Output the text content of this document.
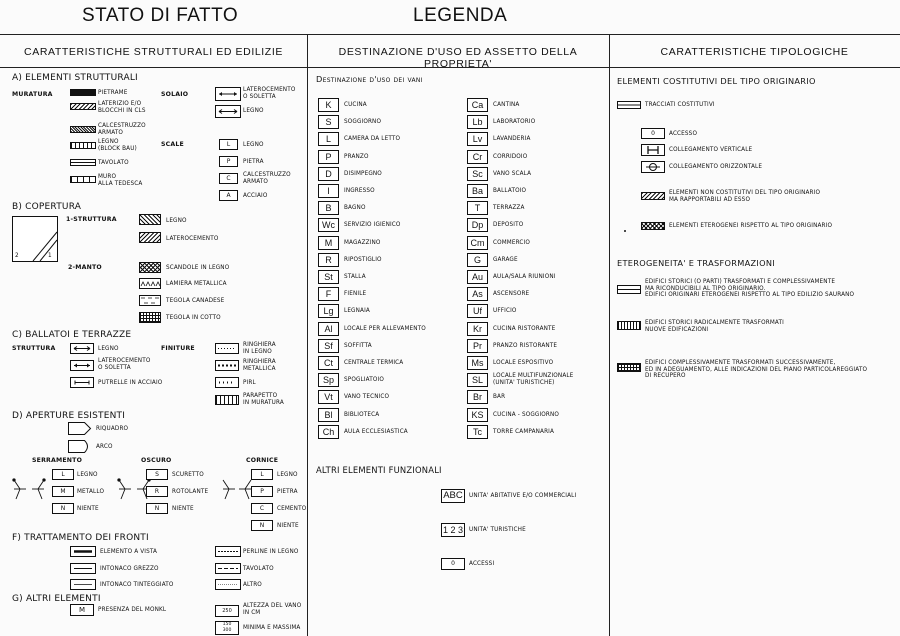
STATO DI FATTO	LEGENDA
CARATTERISTICHE STRUTTURALI ED EDILIZIE	DESTINAZIONE D'USO ED ASSETTO DELLA PROPRIETA'
CARATTERISTICHE TIPOLOGICHE
A) ELEMENTI STRUTTURALI
MURATURA	SOLAIO
SCALE
PIETRAME
LATERIZIO E/O
BLOCCHI IN CLS
CALCESTRUZZO
ARMATO
LEGNO
(BLOCK BAU)
TAVOLATO
MURO
ALLA TEDESCA
LATEROCEMENTO
O SOLETTA
LEGNO
L	LEGNO
P	PIETRA
C	CALCESTRUZZO
ARMATO
A	ACCIAIO
B) COPERTURA
2	1
1-STRUTTURA
2-MANTO
LEGNO
LATEROCEMENTO
SCANDOLE IN LEGNO
LAMIERA METALLICA
TEGOLA CANADESE
TEGOLA IN COTTO
C) BALLATOI E TERRAZZE
STRUTTURA	FINITURE
LEGNO
LATEROCEMENTO
O SOLETTA
PUTRELLE IN ACCIAIO
RINGHIERA
IN LEGNO
RINGHIERA
METALLICA
PIRL
PARAPETTO
IN MURATURA
D) APERTURE ESISTENTI
RIQUADRO
ARCO
SERRAMENTO	OSCURO	CORNICE
L	LEGNO
M	METALLO
N	NIENTE
S	SCURETTO
R	ROTOLANTE
N	NIENTE
L	LEGNO
P	PIETRA
C	CEMENTO
N	NIENTE
F) TRATTAMENTO DEI FRONTI
ELEMENTO A VISTA
INTONACO GREZZO
INTONACO TINTEGGIATO
PERLINE IN LEGNO
TAVOLATO
ALTRO
G) ALTRI ELEMENTI
M	PRESENZA DEL MONKL	250
ALTEZZA DEL VANO
IN CM
150
300	MINIMA E MASSIMA
Destinazione d'uso dei vani
K	CUCINA
S	SOGGIORNO
L	CAMERA DA LETTO
P	PRANZO
D	DISIMPEGNO
I	INGRESSO
B	BAGNO
Wc	SERVIZIO IGIENICO
M	MAGAZZINO
R	RIPOSTIGLIO
St	STALLA
F	FIENILE
Lg	LEGNAIA
Al	LOCALE PER ALLEVAMENTO
Sf	SOFFITTA
Ct	CENTRALE TERMICA
Sp	SPOGLIATOIO
Vt	VANO TECNICO
Bl	BIBLIOTECA
Ch	AULA ECCLESIASTICA
Ca	CANTINA
Lb	LABORATORIO
Lv	LAVANDERIA
Cr	CORRIDOIO
Sc	VANO SCALA
Ba	BALLATOIO
T	TERRAZZA
Dp	DEPOSITO
Cm	COMMERCIO
G	GARAGE
Au	AULA/SALA RIUNIONI
As	ASCENSORE
Uf	UFFICIO
Kr	CUCINA RISTORANTE
Pr	PRANZO RISTORANTE
Ms	LOCALE ESPOSITIVO
SL	LOCALE MULTIFUNZIONALE
(UNITA' TURISTICHE)
Br	BAR
KS	CUCINA - SOGGIORNO
Tc	TORRE CAMPANARIA
ALTRI ELEMENTI FUNZIONALI
ABC	UNITA' ABITATIVE E/O COMMERCIALI
1 2 3	UNITA' TURISTICHE
0	ACCESSI
ELEMENTI COSTITUTIVI DEL TIPO ORIGINARIO
TRACCIATI COSTITUTIVI
0	ACCESSO
COLLEGAMENTO VERTICALE
COLLEGAMENTO ORIZZONTALE
ELEMENTI NON COSTITUTIVI DEL TIPO ORIGINARIO
MA RAPPORTABILI AD ESSO
ELEMENTI ETEROGENEI RISPETTO AL TIPO ORIGINARIO
ETEROGENEITA' E TRASFORMAZIONI
EDIFICI STORICI (O PARTI) TRASFORMATI E COMPLESSIVAMENTE
MA RICONDUCIBILI AL TIPO ORIGINARIO.
EDIFICI ORIGINARI ETEROGENEI RISPETTO AL TIPO EDILIZIO SAURANO
EDIFICI STORICI RADICALMENTE TRASFORMATI
NUOVE EDIFICAZIONI
EDIFICI COMPLESSIVAMENTE TRASFORMATI SUCCESSIVAMENTE,
ED IN ADEGUAMENTO, ALLE INDICAZIONI DEL PIANO PARTICOLAREGGIATO
DI RECUPERO
